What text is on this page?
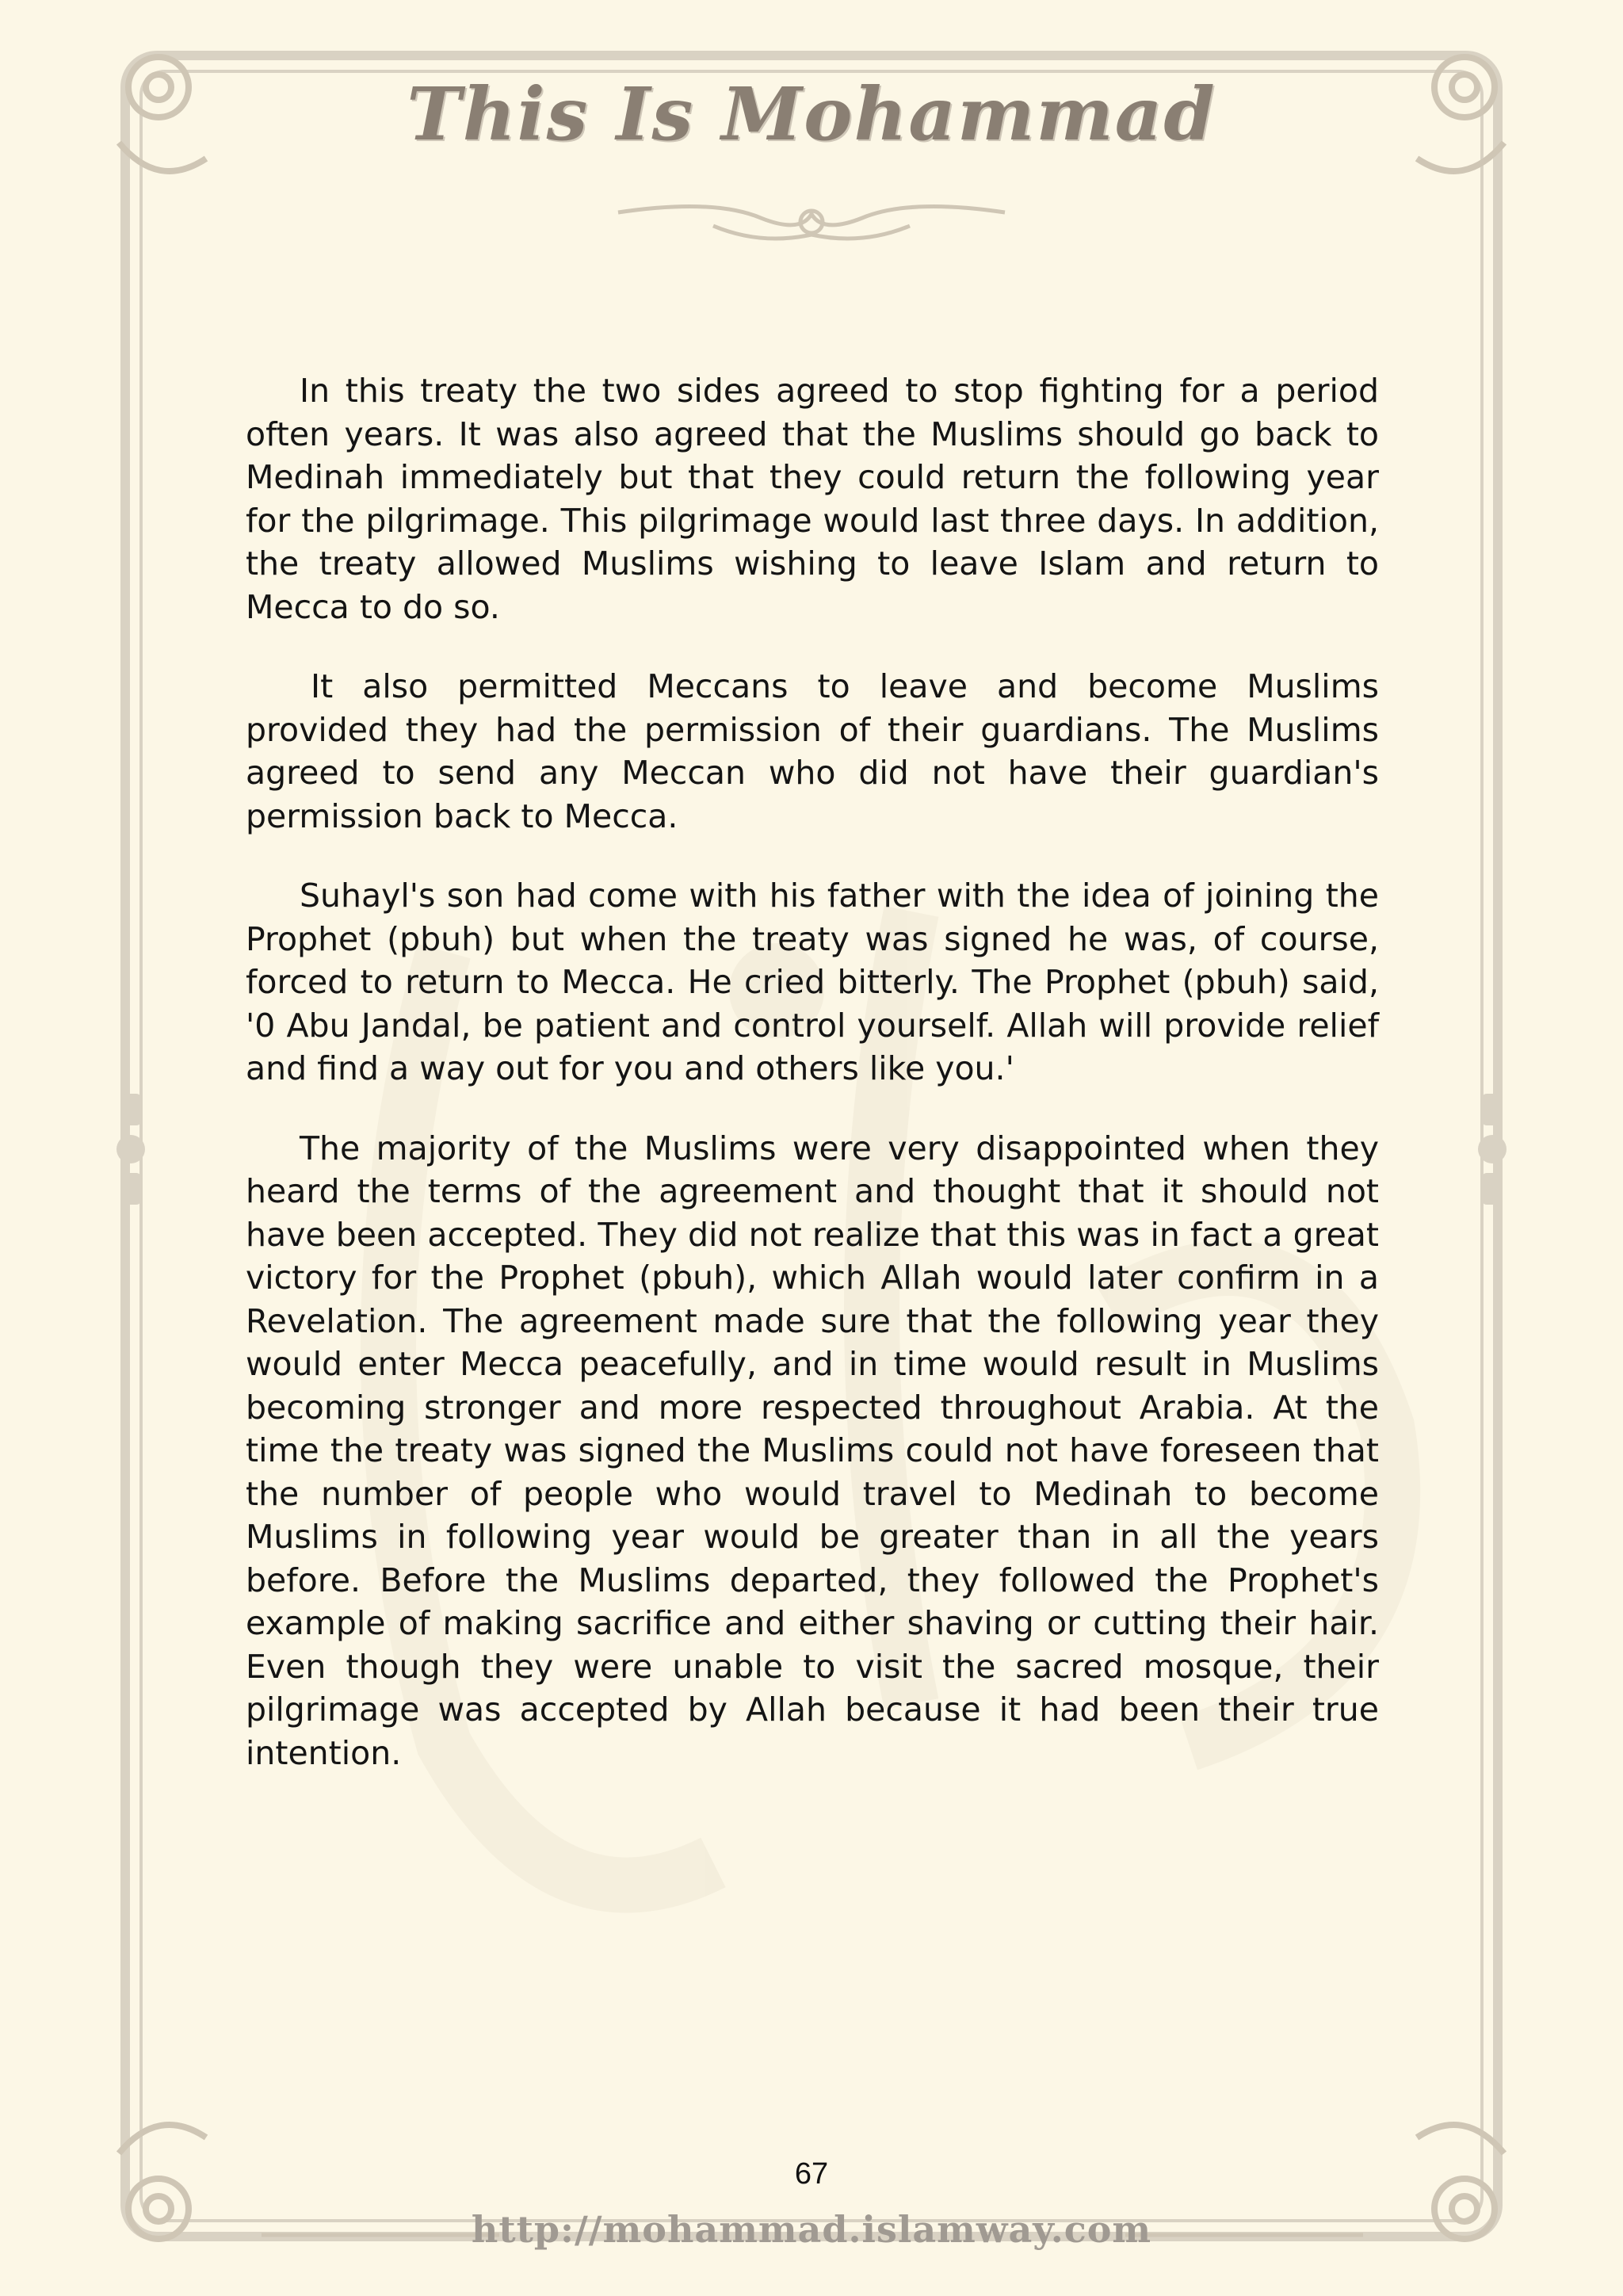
This Is Mohammad

In this treaty the two sides agreed to stop fighting for a period often years. It was also agreed that the Muslims should go back to Medinah immediately but that they could return the following year for the pilgrimage. This pilgrimage would last three days. In addition, the treaty allowed Muslims wishing to leave Islam and return to Mecca to do so.

It also permitted Meccans to leave and become Muslims provided they had the permission of their guardians. The Muslims agreed to send any Meccan who did not have their guardian's permission back to Mecca.

Suhayl's son had come with his father with the idea of joining the Prophet (pbuh) but when the treaty was signed he was, of course, forced to return to Mecca. He cried bitterly. The Prophet (pbuh) said, '0 Abu Jandal, be patient and control yourself. Allah will provide relief and find a way out for you and others like you.'

The majority of the Muslims were very disappointed when they heard the terms of the agreement and thought that it should not have been accepted. They did not realize that this was in fact a great victory for the Prophet (pbuh), which Allah would later confirm in a Revelation. The agreement made sure that the following year they would enter Mecca peacefully, and in time would result in Muslims becoming stronger and more respected throughout Arabia. At the time the treaty was signed the Muslims could not have foreseen that the number of people who would travel to Medinah to become Muslims in following year would be greater than in all the years before. Before the Muslims departed, they followed the Prophet's example of making sacrifice and either shaving or cutting their hair. Even though they were unable to visit the sacred mosque, their pilgrimage was accepted by Allah because it had been their true intention.

67
http://mohammad.islamway.com
